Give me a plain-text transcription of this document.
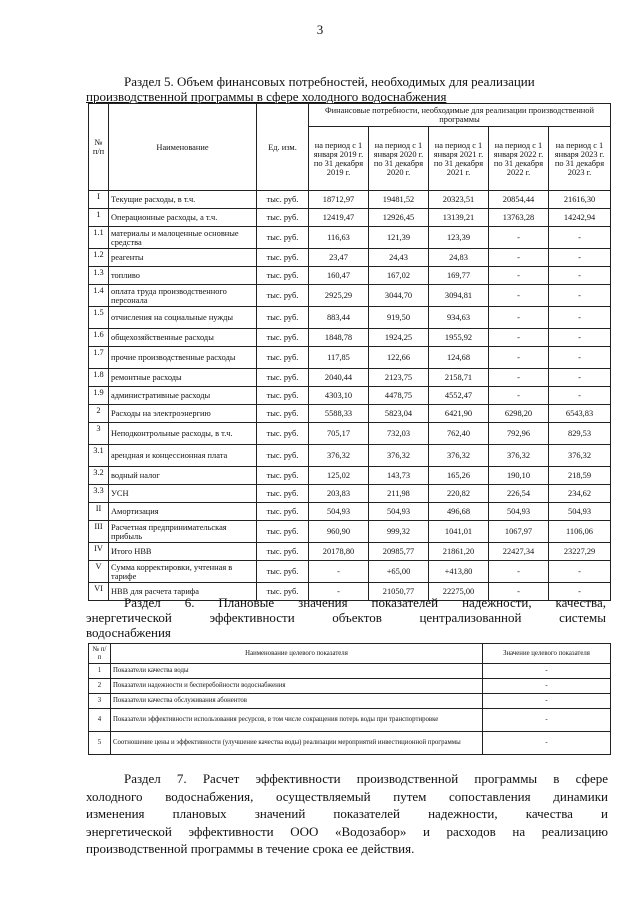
3
Раздел 5. Объем финансовых потребностей, необходимых для реализации
производственной программы в сфере холодного водоснабжения
№ п/п	Наименование	Ед. изм.	Финансовые потребности, необходимые для реализации производственной программы				
			на период с 1 января 2019 г. по 31 декабря 2019 г.	на период с 1 января 2020 г. по 31 декабря 2020 г.	на период с 1 января 2021 г. по 31 декабря 2021 г.	на период с 1 января 2022 г. по 31 декабря 2022 г.	на период с 1 января 2023 г. по 31 декабря 2023 г.
I	Текущие расходы, в т.ч.	тыс. руб.	18712,97	19481,52	20323,51	20854,44	21616,30
1	Операционные расходы, а т.ч.	тыс. руб.	12419,47	12926,45	13139,21	13763,28	14242,94
1.1	материалы и малоценные основные средства	тыс. руб.	116,63	121,39	123,39	-	-
1.2	реагенты	тыс. руб.	23,47	24,43	24,83	-	-
1.3	топливо	тыс. руб.	160,47	167,02	169,77	-	-
1.4	оплата труда производственного персонала	тыс. руб.	2925,29	3044,70	3094,81	-	-
1.5	отчисления на социальные нужды	тыс. руб.	883,44	919,50	934,63	-	-
1.6	общехозяйственные расходы	тыс. руб.	1848,78	1924,25	1955,92	-	-
1.7	прочие производственные расходы	тыс. руб.	117,85	122,66	124,68	-	-
1.8	ремонтные расходы	тыс. руб.	2040,44	2123,75	2158,71	-	-
1.9	административные расходы	тыс. руб.	4303,10	4478,75	4552,47	-	-
2	Расходы на электроэнергию	тыс. руб.	5588,33	5823,04	6421,90	6298,20	6543,83
3	Неподконтрольные расходы, в т.ч.	тыс. руб.	705,17	732,03	762,40	792,96	829,53
3.1	арендная и концессионная плата	тыс. руб.	376,32	376,32	376,32	376,32	376,32
3.2	водный налог	тыс. руб.	125,02	143,73	165,26	190,10	218,59
3.3	УСН	тыс. руб.	203,83	211,98	220,82	226,54	234,62
II	Амортизация	тыс. руб.	504,93	504,93	496,68	504,93	504,93
III	Расчетная предпринимательская прибыль	тыс. руб.	960,90	999,32	1041,01	1067,97	1106,06
IV	Итого НВВ	тыс. руб.	20178,80	20985,77	21861,20	22427,34	23227,29
V	Сумма корректировки, учтенная в тарифе	тыс. руб.	-	+65,00	+413,80	-	-
VI	НВВ для расчета тарифа	тыс. руб.	-	21050,77	22275,00	-	-
Раздел 6. Плановые значения показателей надежности, качества,
энергетической эффективности объектов централизованной системы
водоснабжения
№ п/п	Наименование целевого показателя	Значение целевого показателя
1	Показатели качества воды	-
2	Показатели надежности и бесперебойности водоснабжения	-
3	Показатели качества обслуживания абонентов	-
4	Показатели эффективности использования ресурсов, в том числе сокращения потерь воды при транспортировке	-
5	Соотношение цены и эффективности (улучшение качества воды) реализации мероприятий инвестиционной программы	-
Раздел 7. Расчет эффективности производственной программы в сфере
холодного водоснабжения, осуществляемый путем сопоставления динамики
изменения плановых значений показателей надежности, качества и
энергетической эффективности ООО «Водозабор» и расходов на реализацию
производственной программы в течение срока ее действия.
